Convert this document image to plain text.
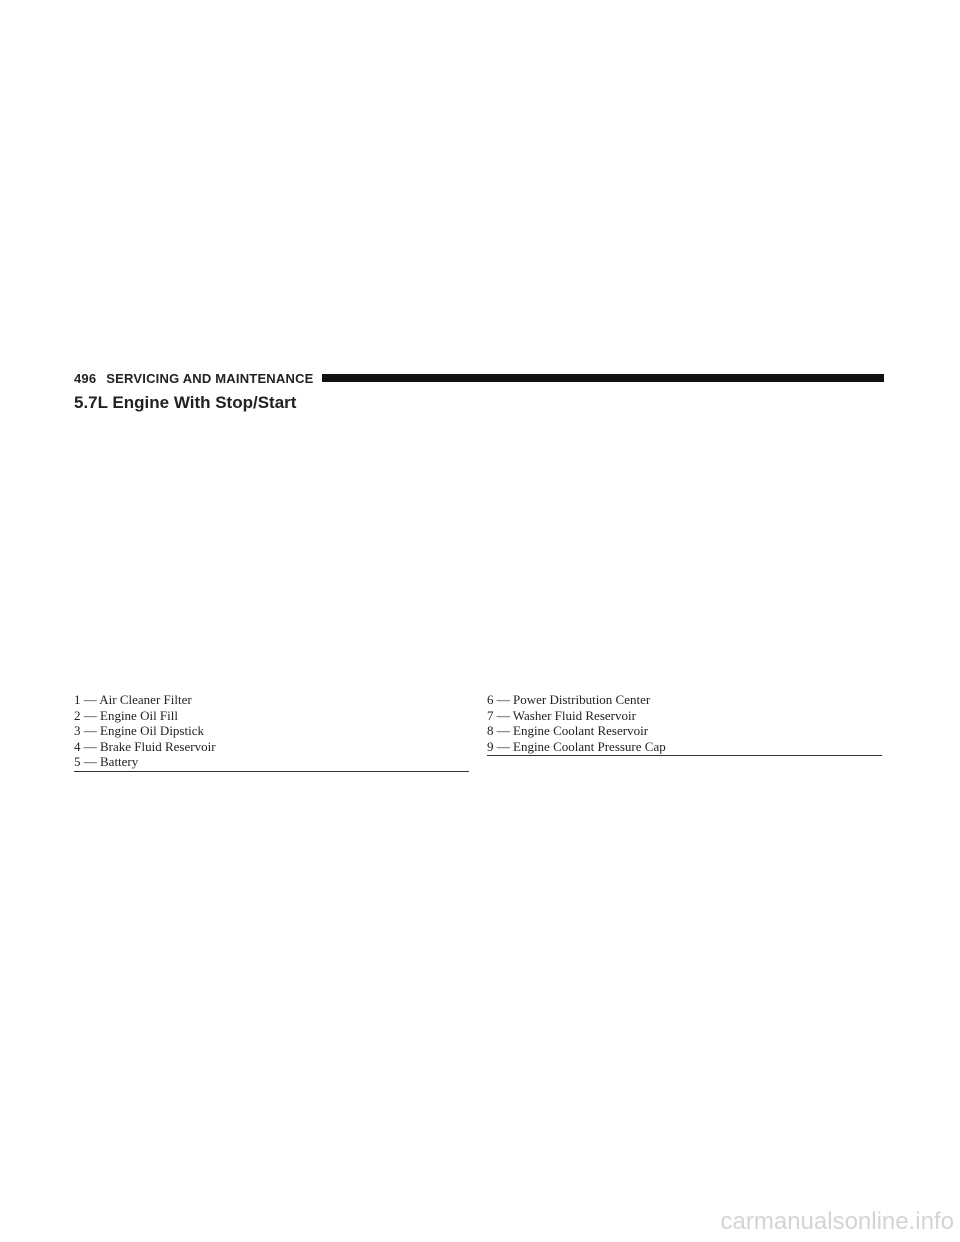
496 SERVICING AND MAINTENANCE
5.7L Engine With Stop/Start
1 — Air Cleaner Filter
2 — Engine Oil Fill
3 — Engine Oil Dipstick
4 — Brake Fluid Reservoir
5 — Battery
6 — Power Distribution Center
7 — Washer Fluid Reservoir
8 — Engine Coolant Reservoir
9 — Engine Coolant Pressure Cap
carmanualsonline.info
